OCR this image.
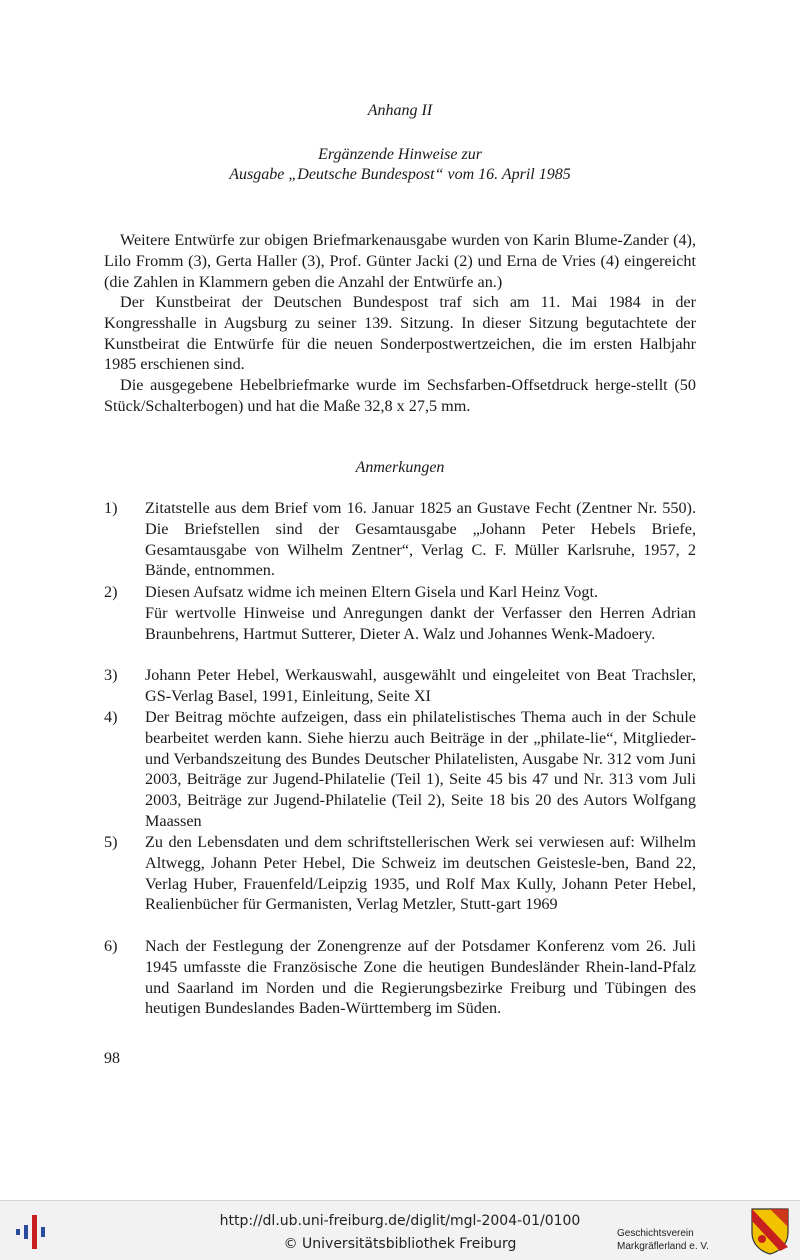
Anhang II
Ergänzende Hinweise zur
Ausgabe „Deutsche Bundespost“ vom 16. April 1985
Weitere Entwürfe zur obigen Briefmarkenausgabe wurden von Karin Blume-Zander (4), Lilo Fromm (3), Gerta Haller (3), Prof. Günter Jacki (2) und Erna de Vries (4) eingereicht (die Zahlen in Klammern geben die Anzahl der Entwürfe an.)
Der Kunstbeirat der Deutschen Bundespost traf sich am 11. Mai 1984 in der Kongresshalle in Augsburg zu seiner 139. Sitzung. In dieser Sitzung begutachtete der Kunstbeirat die Entwürfe für die neuen Sonderpostwertzeichen, die im ersten Halbjahr 1985 erschienen sind.
Die ausgegebene Hebelbriefmarke wurde im Sechsfarben-Offsetdruck herge-stellt (50 Stück/Schalterbogen) und hat die Maße 32,8 x 27,5 mm.
Anmerkungen
1)	Zitatstelle aus dem Brief vom 16. Januar 1825 an Gustave Fecht (Zentner Nr. 550). Die Briefstellen sind der Gesamtausgabe „Johann Peter Hebels Briefe, Gesamtausgabe von Wilhelm Zentner“, Verlag C. F. Müller Karlsruhe, 1957, 2 Bände, entnommen.
2)	Diesen Aufsatz widme ich meinen Eltern Gisela und Karl Heinz Vogt.
Für wertvolle Hinweise und Anregungen dankt der Verfasser den Herren Adrian Braunbehrens, Hartmut Sutterer, Dieter A. Walz und Johannes Wenk-Madoery.
3)	Johann Peter Hebel, Werkauswahl, ausgewählt und eingeleitet von Beat Trachsler, GS-Verlag Basel, 1991, Einleitung, Seite XI
4)	Der Beitrag möchte aufzeigen, dass ein philatelistisches Thema auch in der Schule bearbeitet werden kann. Siehe hierzu auch Beiträge in der „philate-lie“, Mitglieder- und Verbandszeitung des Bundes Deutscher Philatelisten, Ausgabe Nr. 312 vom Juni 2003, Beiträge zur Jugend-Philatelie (Teil 1), Seite 45 bis 47 und Nr. 313 vom Juli 2003, Beiträge zur Jugend-Philatelie (Teil 2), Seite 18 bis 20 des Autors Wolfgang Maassen
5)	Zu den Lebensdaten und dem schriftstellerischen Werk sei verwiesen auf: Wilhelm Altwegg, Johann Peter Hebel, Die Schweiz im deutschen Geistesle-ben, Band 22, Verlag Huber, Frauenfeld/Leipzig 1935, und Rolf Max Kully, Johann Peter Hebel, Realienbücher für Germanisten, Verlag Metzler, Stutt-gart 1969
6)	Nach der Festlegung der Zonengrenze auf der Potsdamer Konferenz vom 26. Juli 1945 umfasste die Französische Zone die heutigen Bundesländer Rhein-land-Pfalz und Saarland im Norden und die Regierungsbezirke Freiburg und Tübingen des heutigen Bundeslandes Baden-Württemberg im Süden.
98
http://dl.ub.uni-freiburg.de/diglit/mgl-2004-01/0100
© Universitätsbibliothek Freiburg
Geschichtsverein
Markgräflerland e. V.
